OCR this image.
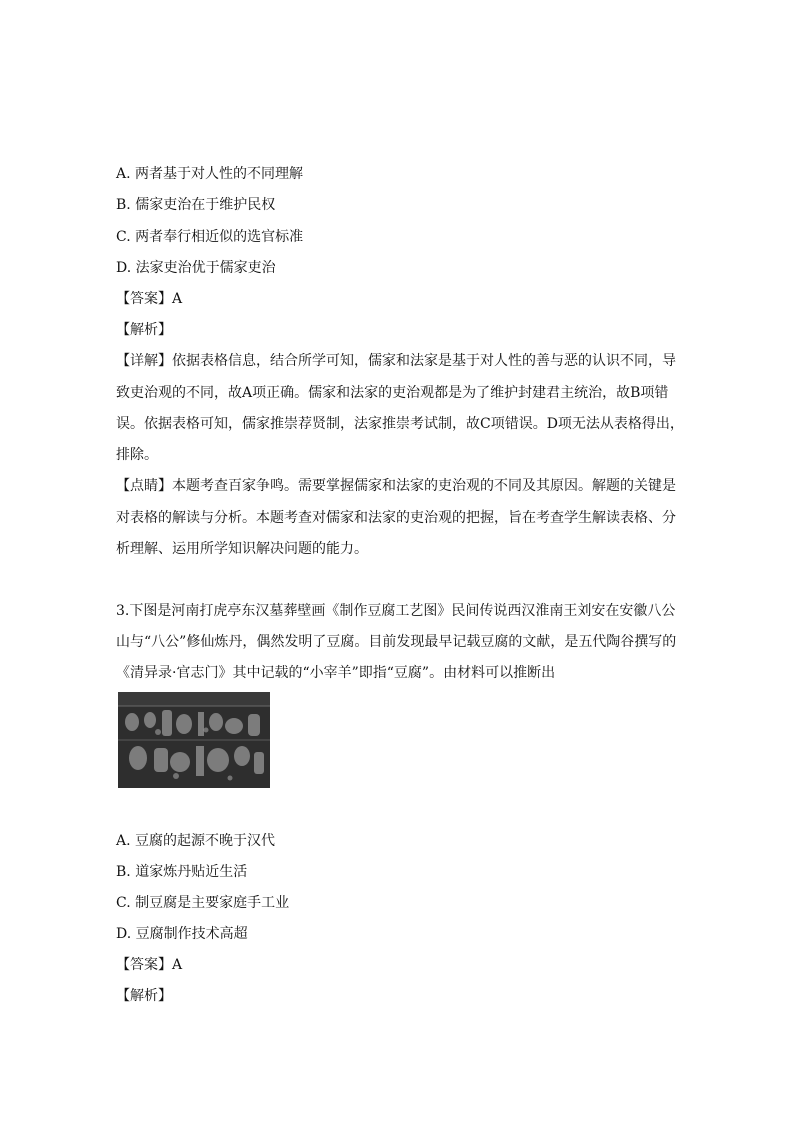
A. 两者基于对人性的不同理解
B. 儒家吏治在于维护民权
C. 两者奉行相近似的选官标准
D. 法家吏治优于儒家吏治
【答案】A
【解析】
【详解】依据表格信息，结合所学可知，儒家和法家是基于对人性的善与恶的认识不同，导
致吏治观的不同，故A项正确。儒家和法家的吏治观都是为了维护封建君主统治，故B项错
误。依据表格可知，儒家推崇荐贤制，法家推崇考试制，故C项错误。D项无法从表格得出，
排除。
【点睛】本题考查百家争鸣。需要掌握儒家和法家的吏治观的不同及其原因。解题的关键是
对表格的解读与分析。本题考查对儒家和法家的吏治观的把握，旨在考查学生解读表格、分
析理解、运用所学知识解决问题的能力。
3.下图是河南打虎亭东汉墓葬壁画《制作豆腐工艺图》民间传说西汉淮南王刘安在安徽八公
山与“八公”修仙炼丹，偶然发明了豆腐。目前发现最早记载豆腐的文献，是五代陶谷撰写的
《清异录·官志门》其中记载的“小宰羊”即指“豆腐”。由材料可以推断出
A. 豆腐的起源不晚于汉代
B. 道家炼丹贴近生活
C. 制豆腐是主要家庭手工业
D. 豆腐制作技术高超
【答案】A
【解析】
